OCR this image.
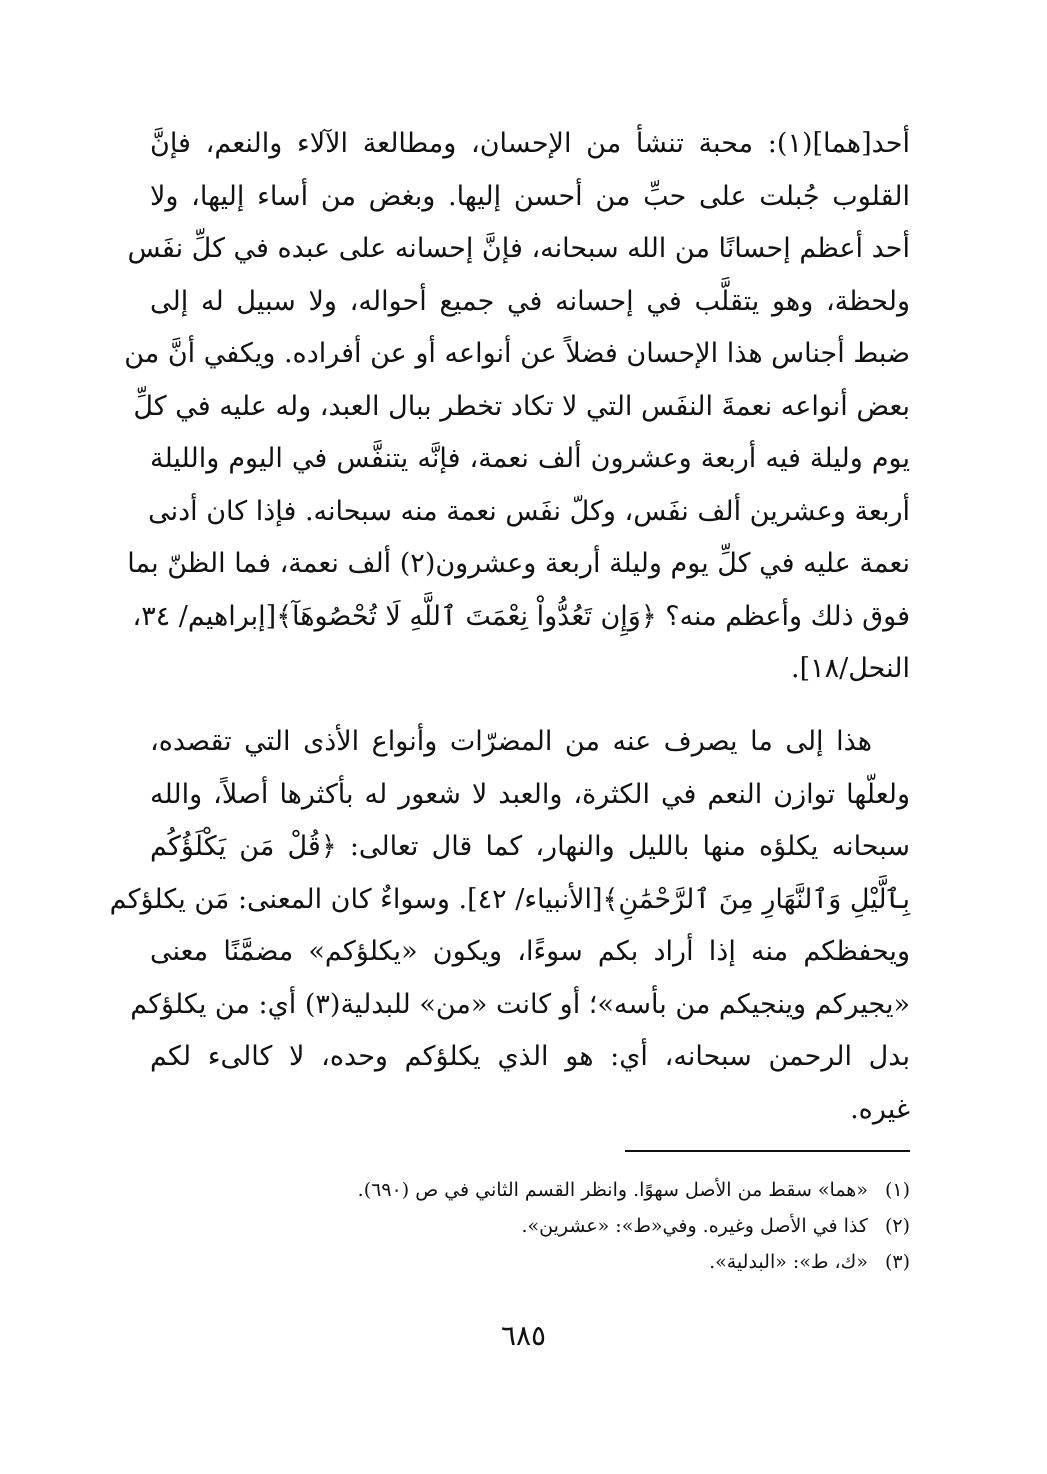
أحد[هما](١): محبة تنشأ من الإحسان، ومطالعة الآلاء والنعم، فإنَّ
القلوب جُبلت على حبِّ من أحسن إليها. وبغض من أساء إليها، ولا
أحد أعظم إحسانًا من الله سبحانه، فإنَّ إحسانه على عبده في كلِّ نفَس
ولحظة، وهو يتقلَّب في إحسانه في جميع أحواله، ولا سبيل له إلى
ضبط أجناس هذا الإحسان فضلاً عن أنواعه أو عن أفراده. ويكفي أنَّ من
بعض أنواعه نعمةَ النفَس التي لا تكاد تخطر ببال العبد، وله عليه في كلِّ
يوم وليلة فيه أربعة وعشرون ألف نعمة، فإنَّه يتنفَّس في اليوم والليلة
أربعة وعشرين ألف نفَس، وكلّ نفَس نعمة منه سبحانه. فإذا كان أدنى
نعمة عليه في كلِّ يوم وليلة أربعة وعشرون(٢) ألف نعمة، فما الظنّ بما
فوق ذلك وأعظم منه؟ ﴿وَإِن تَعُدُّواْ نِعْمَتَ ٱللَّهِ لَا تُحْصُوهَآ﴾[إبراهيم/ ٣٤،
النحل/١٨].
هذا إلى ما يصرف عنه من المضرّات وأنواع الأذى التي تقصده،
ولعلّها توازن النعم في الكثرة، والعبد لا شعور له بأكثرها أصلاً، والله
سبحانه يكلؤه منها بالليل والنهار، كما قال تعالى: ﴿قُلْ مَن يَكْلَؤُكُم
بِٱلَّيْلِ وَٱلنَّهَارِ مِنَ ٱلرَّحْمَٰنِ﴾[الأنبياء/ ٤٢]. وسواءٌ كان المعنى: مَن يكلؤكم
ويحفظكم منه إذا أراد بكم سوءًا، ويكون «يكلؤكم» مضمَّنًا معنى
«يجيركم وينجيكم من بأسه»؛ أو كانت «من» للبدلية(٣) أي: من يكلؤكم
بدل الرحمن سبحانه، أي: هو الذي يكلؤكم وحده، لا كالىء لكم
غيره.
(١) «هما» سقط من الأصل سهوًا. وانظر القسم الثاني في ص (٦٩٠).
(٢) كذا في الأصل وغيره. وفي«ط»: «عشرين».
(٣) «ك، ط»: «البدلية».
٦٨٥
